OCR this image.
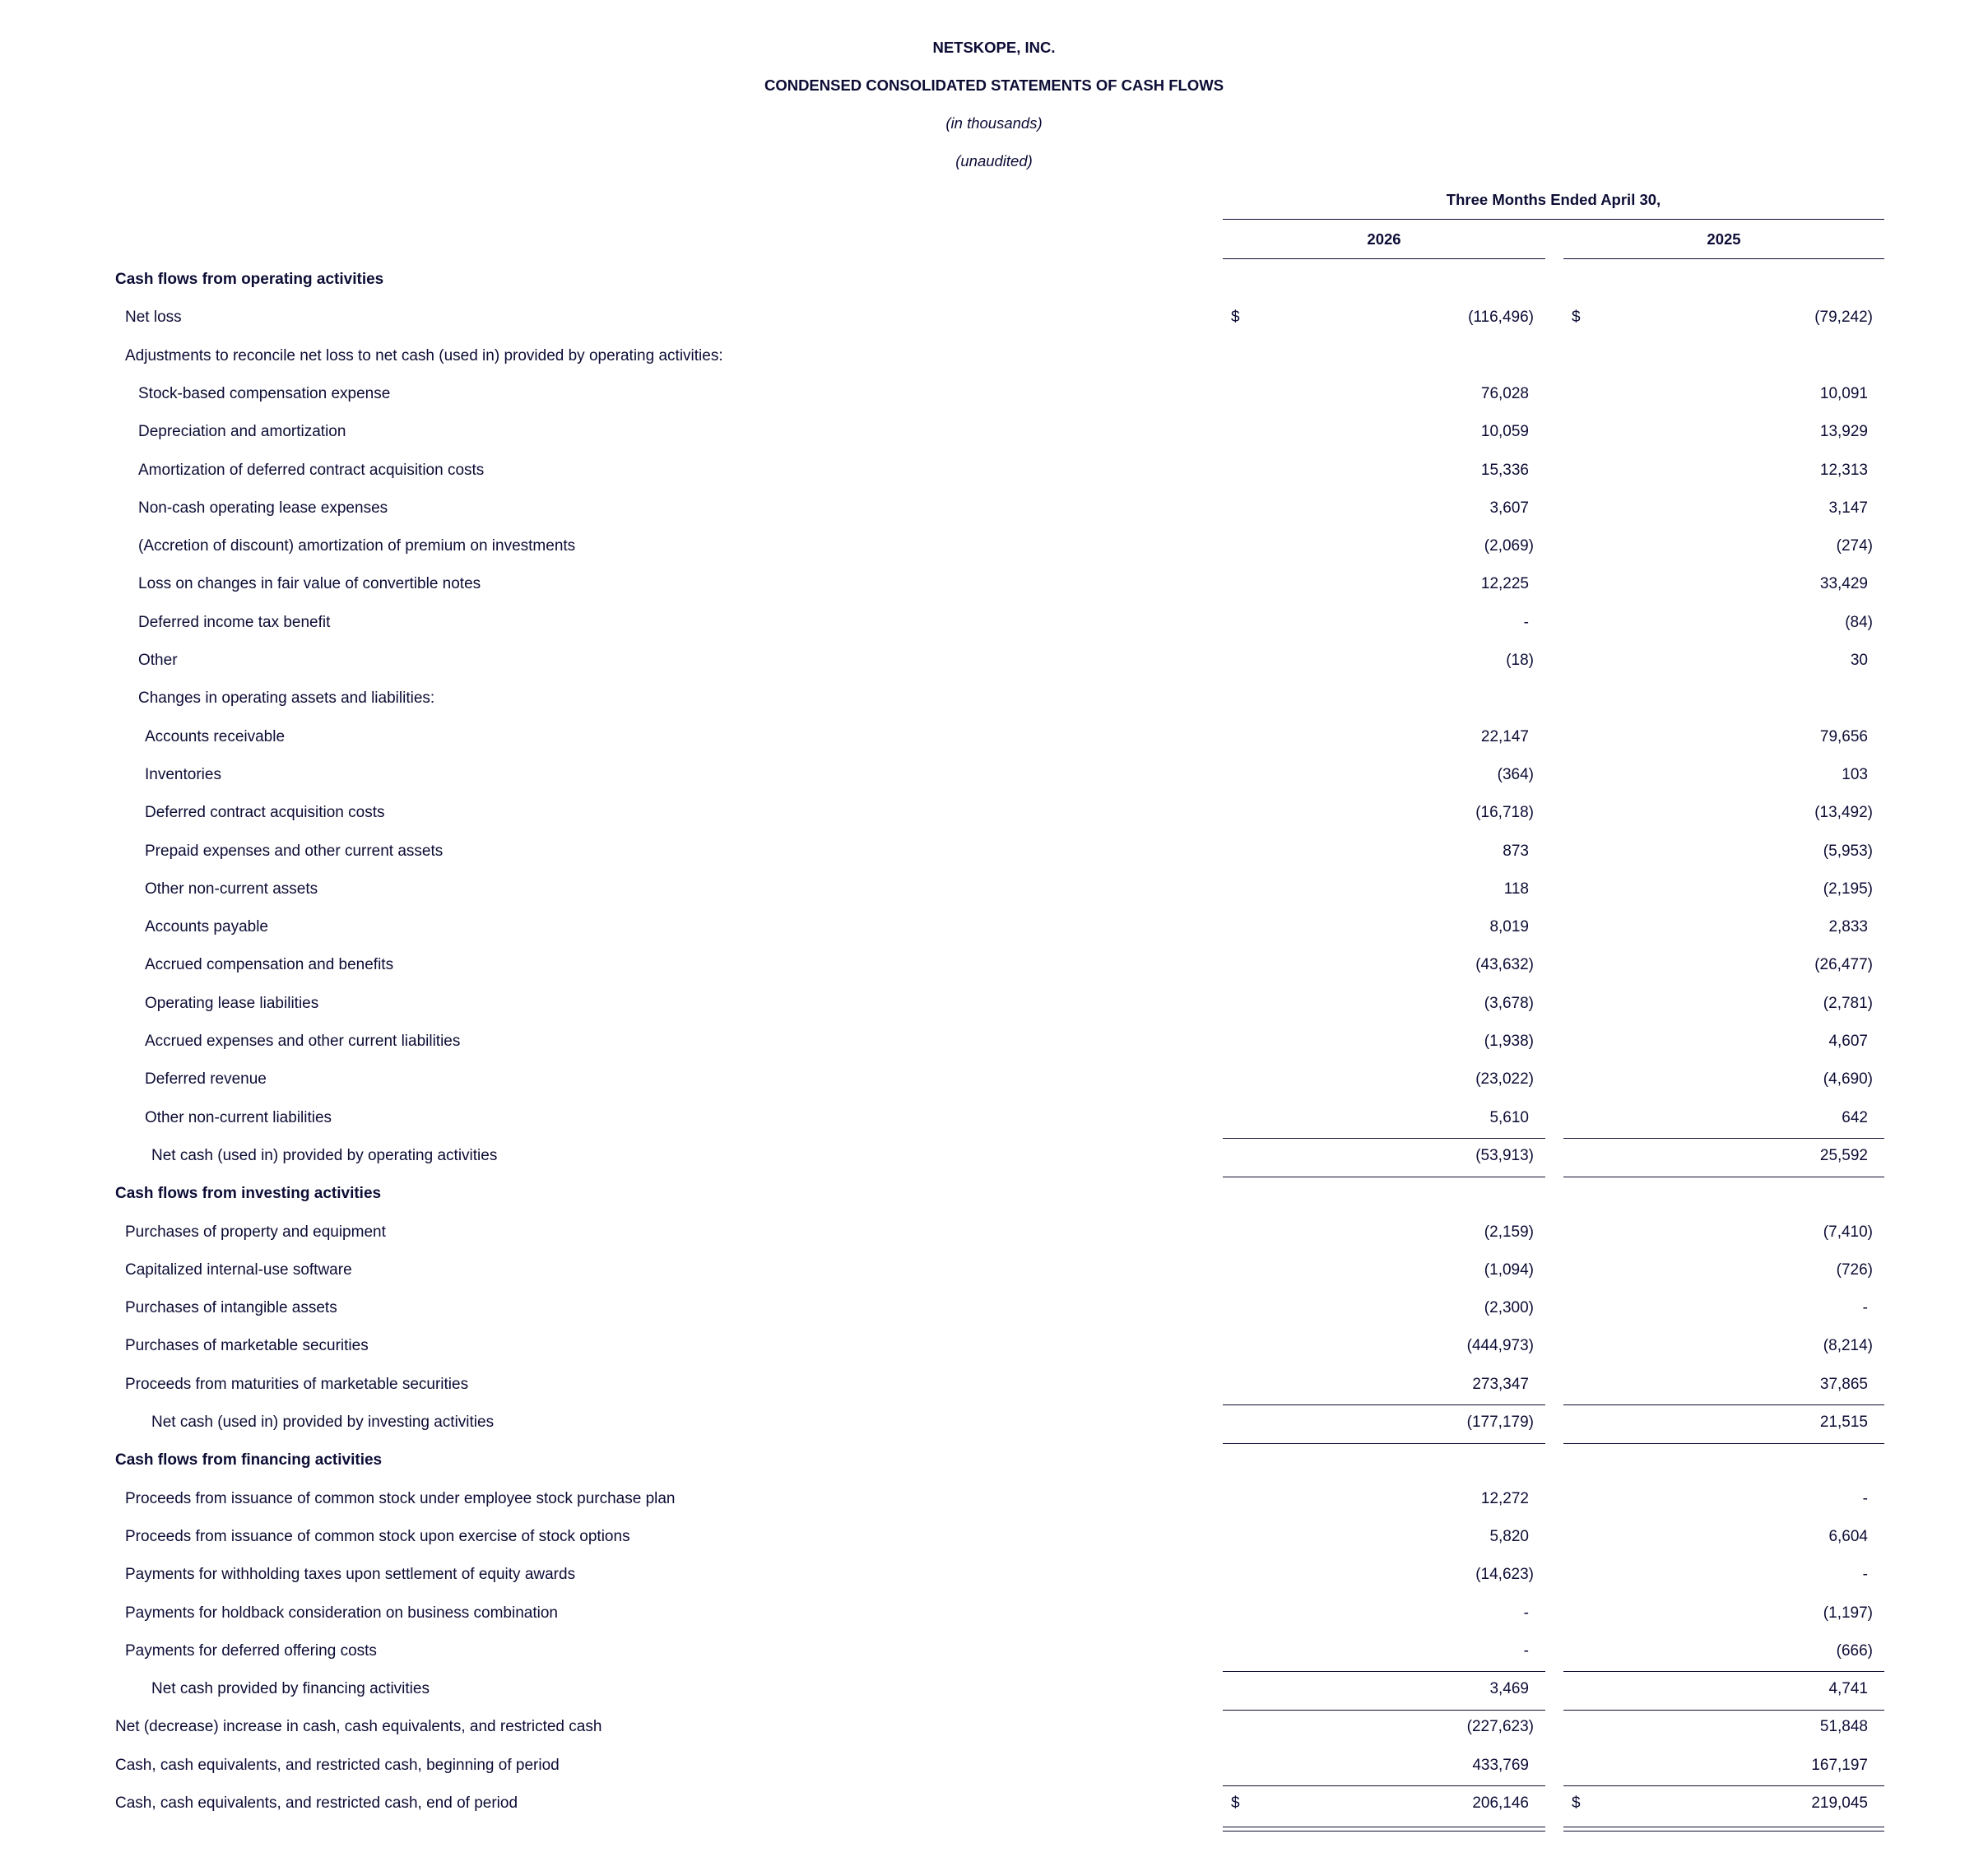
NETSKOPE, INC.
CONDENSED CONSOLIDATED STATEMENTS OF CASH FLOWS
(in thousands)
(unaudited)
Three Months Ended April 30,
2026	2025
Cash flows from operating activities
Net loss	$	(116,496) $	(79,242)
Adjustments to reconcile net loss to net cash (used in) provided by operating activities:
Stock-based compensation expense	76,028	10,091
Depreciation and amortization	10,059	13,929
Amortization of deferred contract acquisition costs	15,336	12,313
Non-cash operating lease expenses	3,607	3,147
(Accretion of discount) amortization of premium on investments	(2,069)	(274)
Loss on changes in fair value of convertible notes	12,225	33,429
Deferred income tax benefit	-	(84)
Other	(18)	30
Changes in operating assets and liabilities:
Accounts receivable	22,147	79,656
Inventories	(364)	103
Deferred contract acquisition costs	(16,718)	(13,492)
Prepaid expenses and other current assets	873	(5,953)
Other non-current assets	118	(2,195)
Accounts payable	8,019	2,833
Accrued compensation and benefits	(43,632)	(26,477)
Operating lease liabilities	(3,678)	(2,781)
Accrued expenses and other current liabilities	(1,938)	4,607
Deferred revenue	(23,022)	(4,690)
Other non-current liabilities	5,610	642
Net cash (used in) provided by operating activities	(53,913)	25,592
Cash flows from investing activities
Purchases of property and equipment	(2,159)	(7,410)
Capitalized internal-use software	(1,094)	(726)
Purchases of intangible assets	(2,300)	-
Purchases of marketable securities	(444,973)	(8,214)
Proceeds from maturities of marketable securities	273,347	37,865
Net cash (used in) provided by investing activities	(177,179)	21,515
Cash flows from financing activities
Proceeds from issuance of common stock under employee stock purchase plan	12,272	-
Proceeds from issuance of common stock upon exercise of stock options	5,820	6,604
Payments for withholding taxes upon settlement of equity awards	(14,623)	-
Payments for holdback consideration on business combination	-	(1,197)
Payments for deferred offering costs	-	(666)
Net cash provided by financing activities	3,469	4,741
Net (decrease) increase in cash, cash equivalents, and restricted cash	(227,623)	51,848
Cash, cash equivalents, and restricted cash, beginning of period	433,769	167,197
Cash, cash equivalents, and restricted cash, end of period	$	206,146	$	219,045
